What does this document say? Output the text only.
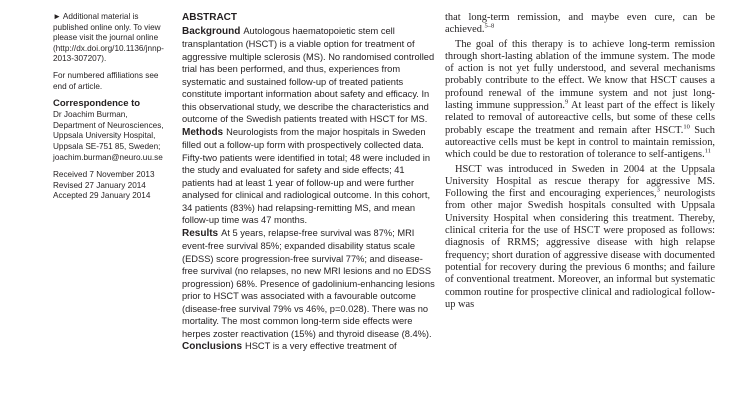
► Additional material is published online only. To view please visit the journal online (http://dx.doi.org/10.1136/jnnp-2013-307207).

For numbered affiliations see end of article.

Correspondence to
Dr Joachim Burman,
Department of Neurosciences,
Uppsala University Hospital,
Uppsala SE-751 85, Sweden;
joachim.burman@neuro.uu.se
Received 7 November 2013
Revised 27 January 2014
Accepted 29 January 2014
ABSTRACT

Background Autologous haematopoietic stem cell transplantation (HSCT) is a viable option for treatment of aggressive multiple sclerosis (MS). No randomised controlled trial has been performed, and thus, experiences from systematic and sustained follow-up of treated patients constitute important information about safety and efficacy. In this observational study, we describe the characteristics and outcome of the Swedish patients treated with HSCT for MS.

Methods Neurologists from the major hospitals in Sweden filled out a follow-up form with prospectively collected data. Fifty-two patients were identified in total; 48 were included in the study and evaluated for safety and side effects; 41 patients had at least 1 year of follow-up and were further analysed for clinical and radiological outcome. In this cohort, 34 patients (83%) had relapsing-remitting MS, and mean follow-up time was 47 months.

Results At 5 years, relapse-free survival was 87%; MRI event-free survival 85%; expanded disability status scale (EDSS) score progression-free survival 77%; and disease-free survival (no relapses, no new MRI lesions and no EDSS progression) 68%. Presence of gadolinium-enhancing lesions prior to HSCT was associated with a favourable outcome (disease-free survival 79% vs 46%, p=0.028). There was no mortality. The most common long-term side effects were herpes zoster reactivation (15%) and thyroid disease (8.4%).

Conclusions HSCT is a very effective treatment of

that long-term remission, and maybe even cure, can be achieved.$^{5-8}$

The goal of this therapy is to achieve long-term remission through short-lasting ablation of the immune system. The mode of action is not yet fully understood, and several mechanisms probably contribute to the effect. We know that HSCT causes a profound renewal of the immune system and not just long-lasting immune suppression.$^9$ At least part of the effect is likely related to removal of autoreactive cells, but some of these cells probably escape the treatment and remain after HSCT.$^{10}$ Such autoreactive cells must be kept in control to maintain remission, which could be due to restoration of tolerance to self-antigens.$^{11}$

HSCT was introduced in Sweden in 2004 at the Uppsala University Hospital as rescue therapy for aggressive MS. Following the first and encouraging experiences,$^3$ neurologists from other major Swedish hospitals consulted with Uppsala University Hospital when considering this treatment. Thereby, clinical criteria for the use of HSCT were proposed as follows: diagnosis of RRMS; aggressive disease with high relapse frequency; short duration of aggressive disease with documented potential for recovery during the previous 6 months; and failure of conventional treatment. Moreover, an informal but systematic common routine for prospective clinical and radiological follow-up was
